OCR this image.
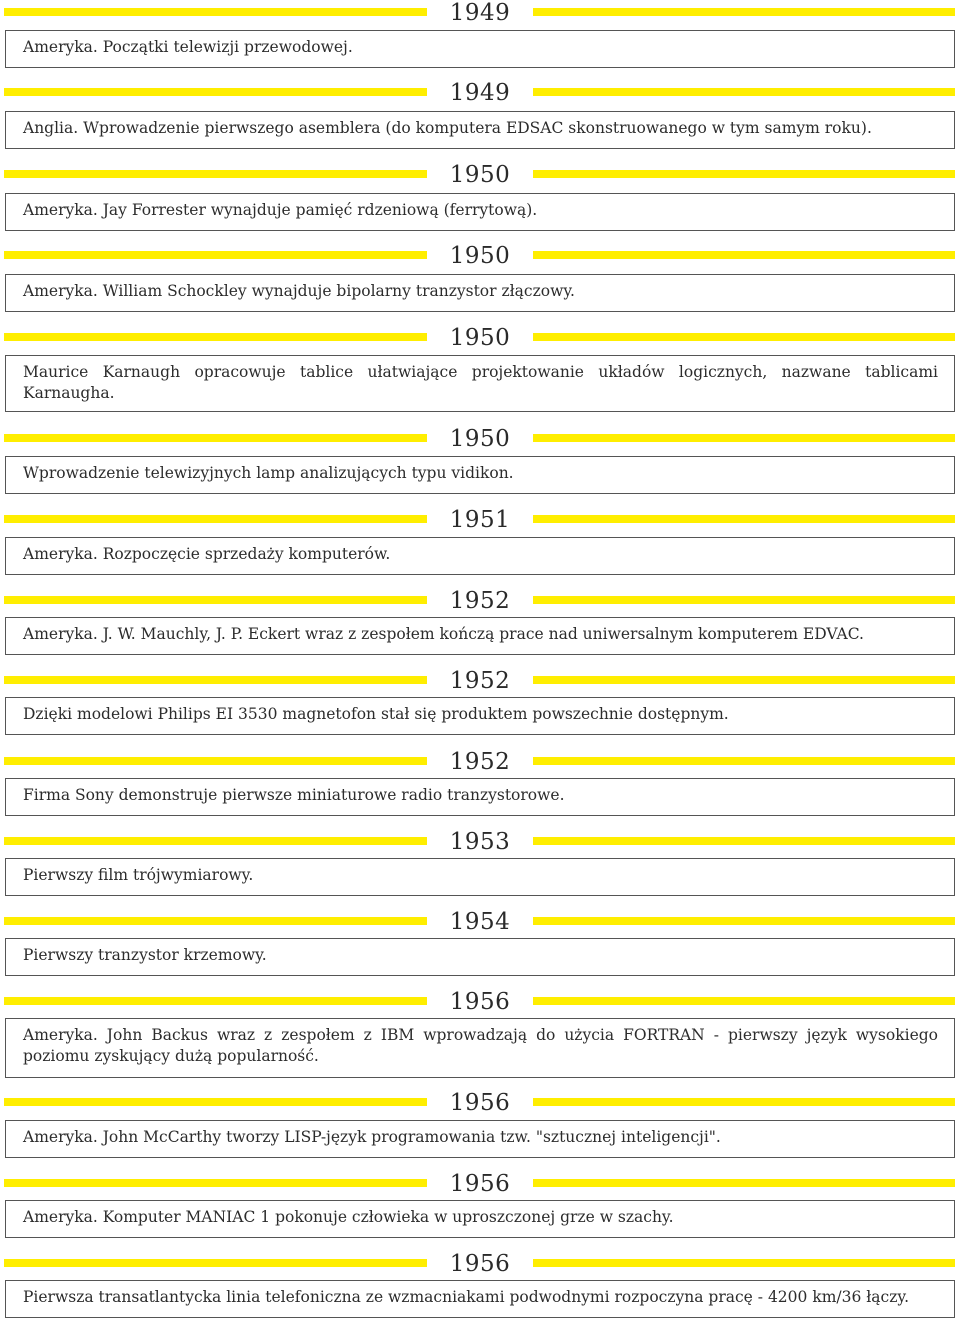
1949
Ameryka. Początki telewizji przewodowej.
1949
Anglia. Wprowadzenie pierwszego asemblera (do komputera EDSAC skonstruowanego w tym samym roku).
1950
Ameryka. Jay Forrester wynajduje pamięć rdzeniową (ferrytową).
1950
Ameryka. William Schockley wynajduje bipolarny tranzystor złączowy.
1950
Maurice Karnaugh opracowuje tablice ułatwiające projektowanie układów logicznych, nazwane tablicami Karnaugha.
1950
Wprowadzenie telewizyjnych lamp analizujących typu vidikon.
1951
Ameryka. Rozpoczęcie sprzedaży komputerów.
1952
Ameryka. J. W. Mauchly, J. P. Eckert wraz z zespołem kończą prace nad uniwersalnym komputerem EDVAC.
1952
Dzięki modelowi Philips EI 3530 magnetofon stał się produktem powszechnie dostępnym.
1952
Firma Sony demonstruje pierwsze miniaturowe radio tranzystorowe.
1953
Pierwszy film trójwymiarowy.
1954
Pierwszy tranzystor krzemowy.
1956
Ameryka. John Backus wraz z zespołem z IBM wprowadzają do użycia FORTRAN - pierwszy język wysokiego poziomu zyskujący dużą popularność.
1956
Ameryka. John McCarthy tworzy LISP-język programowania tzw. "sztucznej inteligencji".
1956
Ameryka. Komputer MANIAC 1 pokonuje człowieka w uproszczonej grze w szachy.
1956
Pierwsza transatlantycka linia telefoniczna ze wzmacniakami podwodnymi rozpoczyna pracę - 4200 km/36 łączy.
